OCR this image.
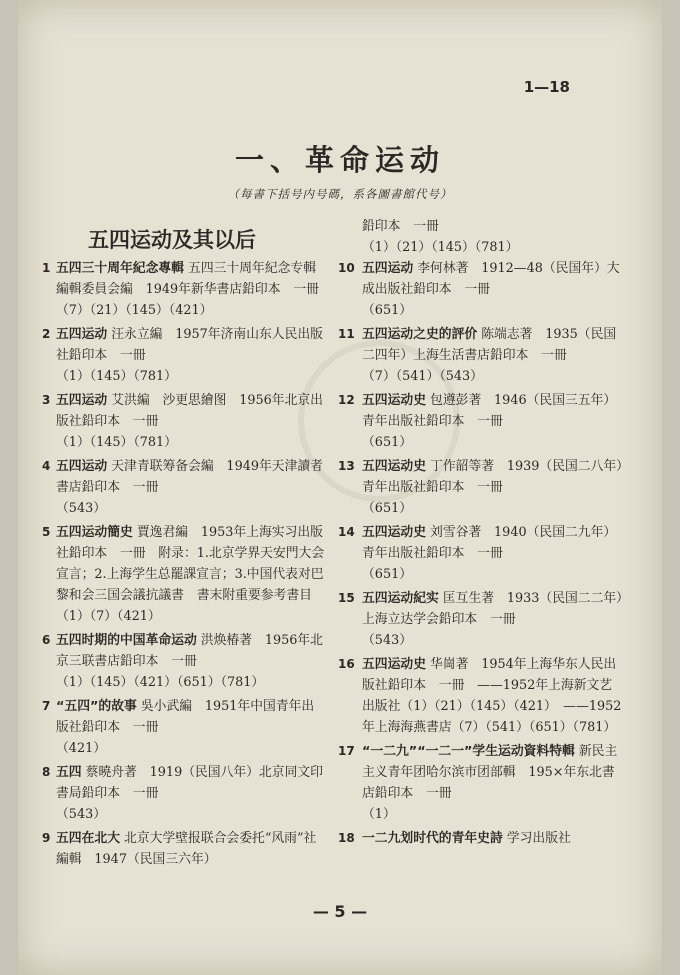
1—18
一、革命运动
（每書下括号内号碼，系各圖書館代号）
五四运动及其以后
1 五四三十周年紀念專輯 五四三十周年紀念专輯編輯委員会編　1949年新华書店鉛印本　一冊
（7）（21）（145）（421）
2 五四运动 汪永立編　1957年济南山东人民出版社鉛印本　一冊
（1）（145）（781）
3 五四运动 艾洪編　沙更思繪图　1956年北京出版社鉛印本　一冊
（1）（145）（781）
4 五四运动 天津青联筹备会編　1949年天津讀者書店鉛印本　一冊
（543）
5 五四运动簡史 賈逸君編　1953年上海实习出版社鉛印本　一冊　附录：1.北京学界天安門大会宣言；2.上海学生总罷課宣言；3.中国代表对巴黎和会三国会議抗議書　書末附重要参考書目
（1）（7）（421）
6 五四时期的中国革命运动 洪焕椿著　1956年北京三联書店鉛印本　一冊
（1）（145）（421）（651）（781）
7 “五四”的故事 吳小武編　1951年中国青年出版社鉛印本　一冊
（421）
8 五四 蔡曉舟著　1919（民国八年）北京同文印書局鉛印本　一冊
（543）
9 五四在北大 北京大学壁报联合会委托“风雨”社編輯　1947（民国三六年）
鉛印本　一冊
（1）（21）（145）（781）
10 五四运动 李何林著　1912—48（民国年）大成出版社鉛印本　一冊
（651）
11 五四运动之史的評价 陈端志著　1935（民国二四年）上海生活書店鉛印本　一冊
（7）（541）（543）
12 五四运动史 包遵彭著　1946（民国三五年）青年出版社鉛印本　一冊
（651）
13 五四运动史 丁作韶等著　1939（民国二八年）青年出版社鉛印本　一冊
（651）
14 五四运动史 刘雪谷著　1940（民国二九年）青年出版社鉛印本　一冊
（651）
15 五四运动紀实 匡互生著　1933（民国二二年）上海立达学会鉛印本　一冊
（543）
16 五四运动史 华崗著　1954年上海华东人民出版社鉛印本　一冊　——1952年上海新文艺出版社（1）（21）（145）（421）　——1952年上海海燕書店（7）（541）（651）（781）
17 “一二九”“一二一”学生运动資料特輯 新民主主义青年团哈尔滨市团部輯　195×年东北書店鉛印本　一冊
（1）
18 一二九划时代的青年史詩 学习出版社
— 5 —
